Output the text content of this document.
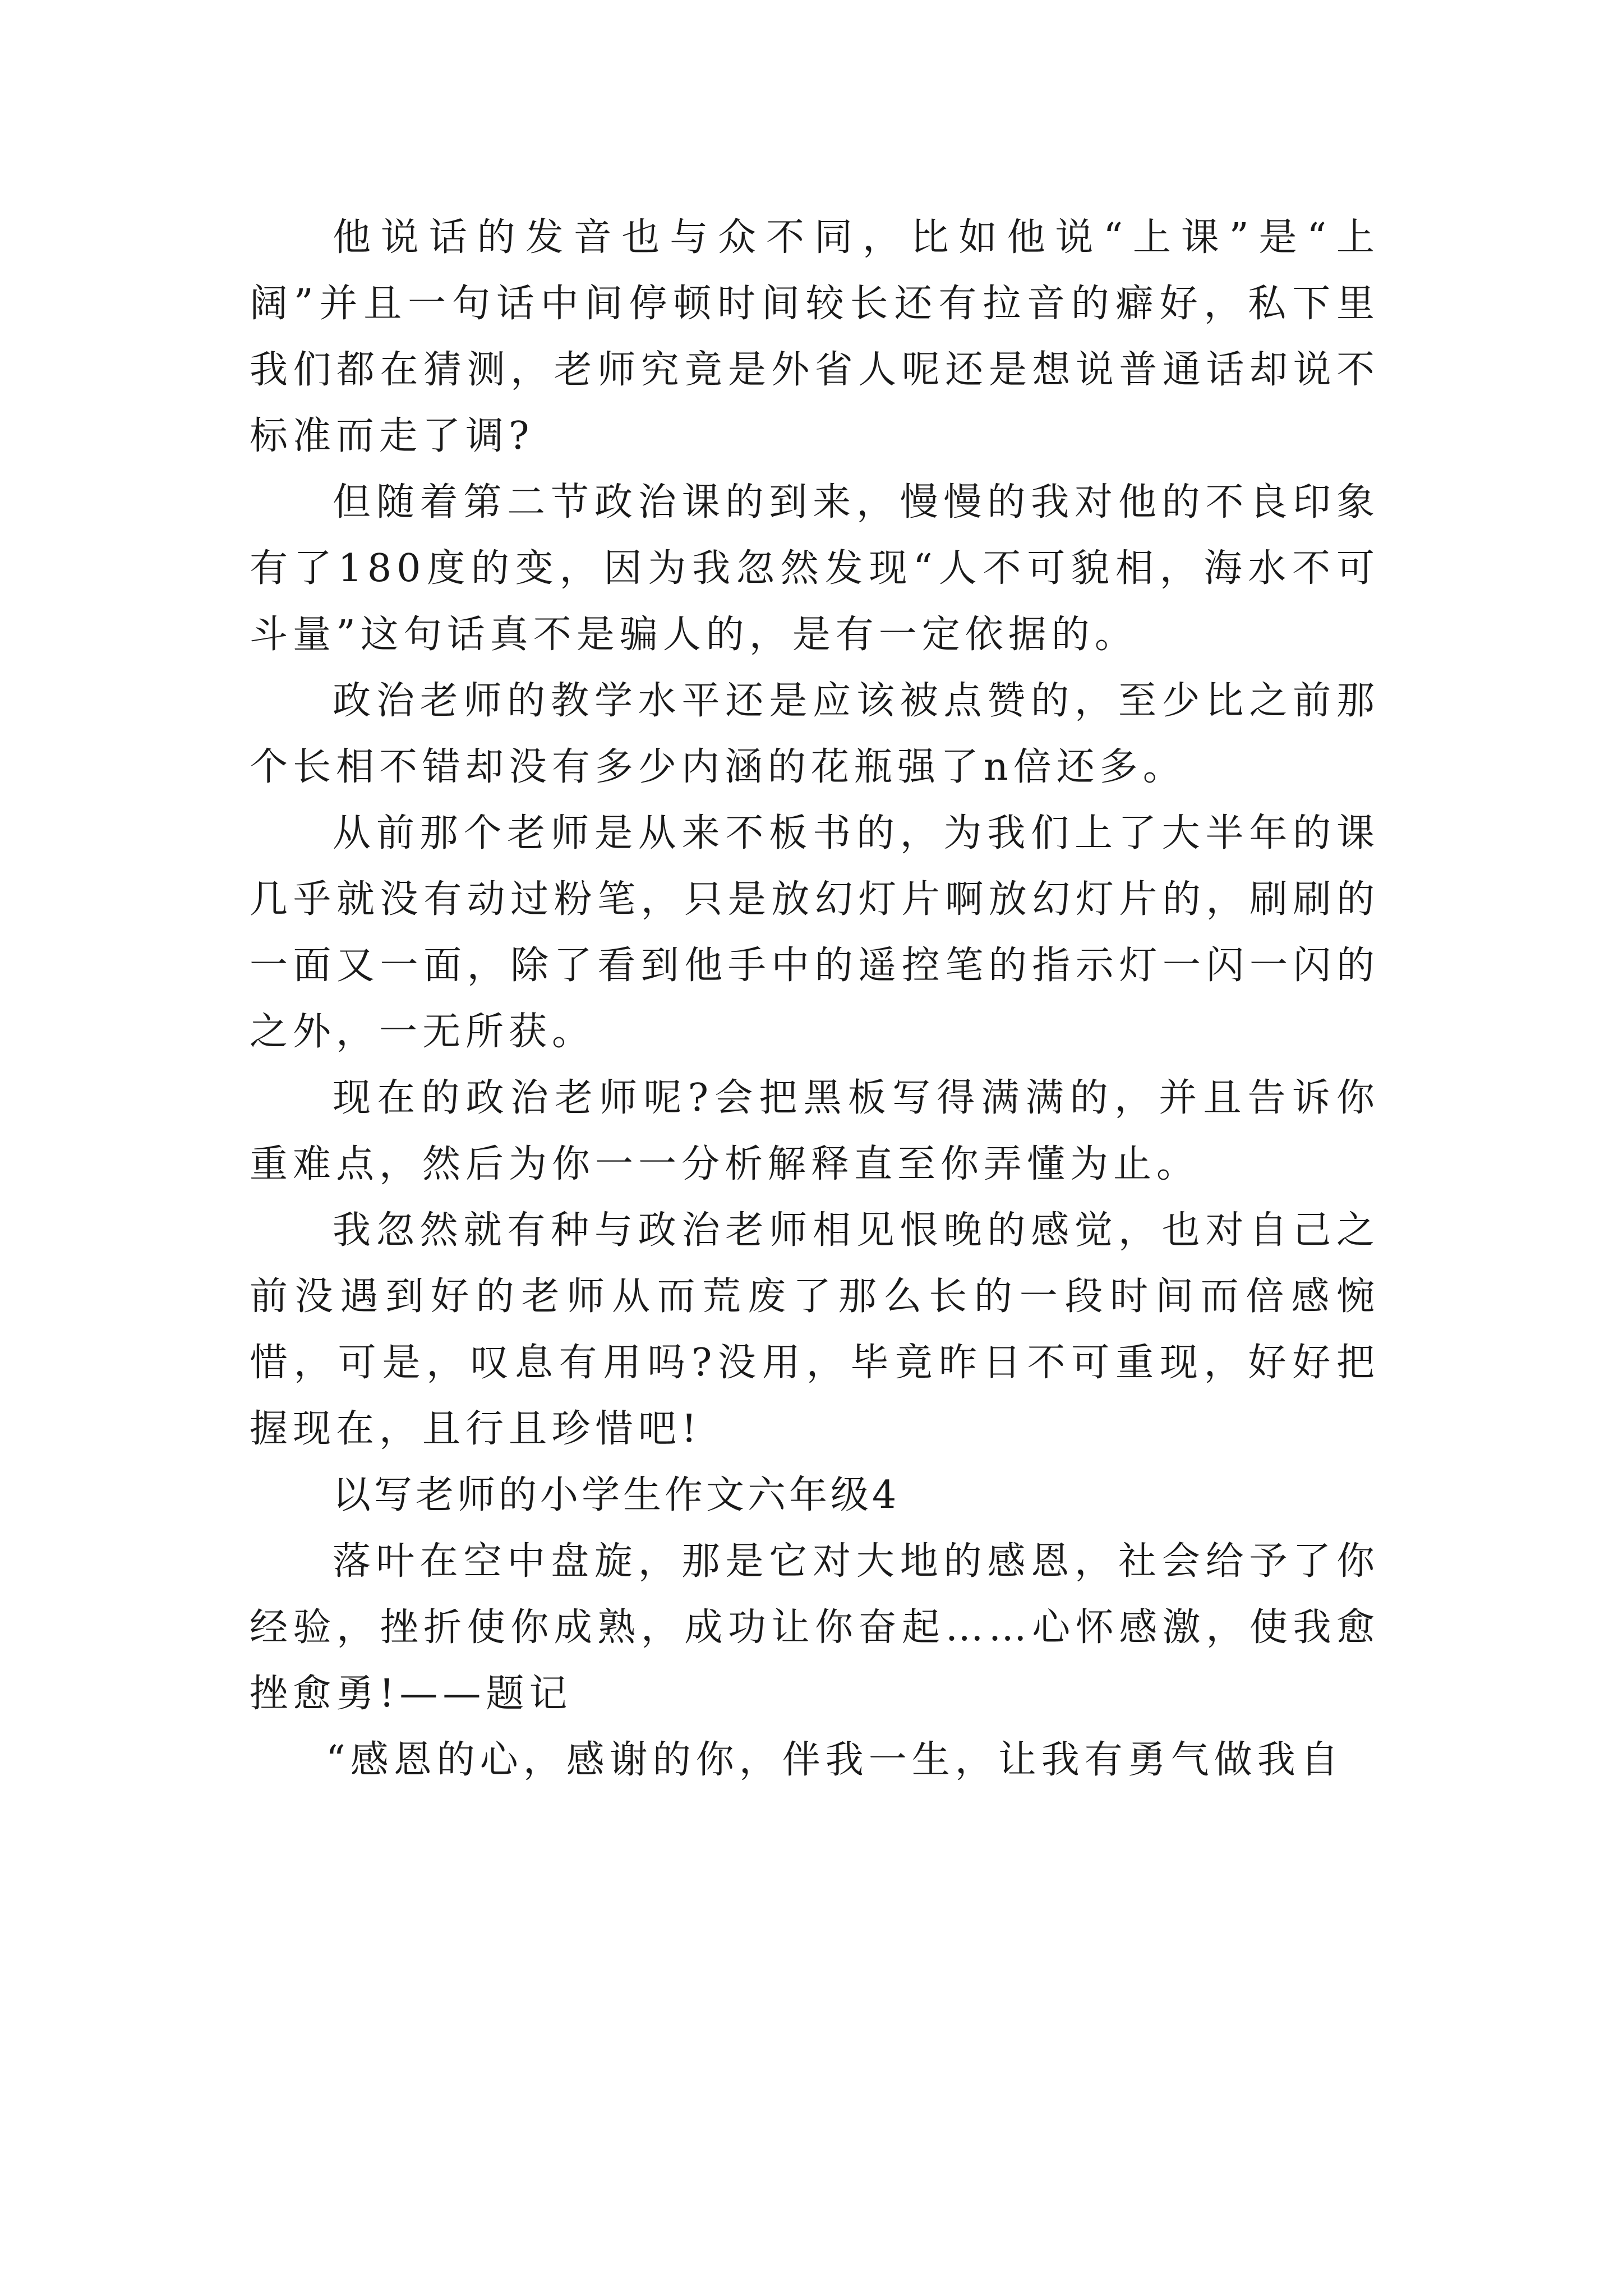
他说话的发音也与众不同，比如他说“上课”是“上阔”并且一句话中间停顿时间较长还有拉音的癖好，私下里我们都在猜测，老师究竟是外省人呢还是想说普通话却说不标准而走了调?

但随着第二节政治课的到来，慢慢的我对他的不良印象有了180度的变，因为我忽然发现“人不可貌相，海水不可斗量”这句话真不是骗人的，是有一定依据的。

政治老师的教学水平还是应该被点赞的，至少比之前那个长相不错却没有多少内涵的花瓶强了n倍还多。

从前那个老师是从来不板书的，为我们上了大半年的课几乎就没有动过粉笔，只是放幻灯片啊放幻灯片的，刷刷的一面又一面，除了看到他手中的遥控笔的指示灯一闪一闪的之外，一无所获。

现在的政治老师呢?会把黑板写得满满的，并且告诉你重难点，然后为你一一分析解释直至你弄懂为止。

我忽然就有种与政治老师相见恨晚的感觉，也对自己之前没遇到好的老师从而荒废了那么长的一段时间而倍感惋惜，可是，叹息有用吗?没用，毕竟昨日不可重现，好好把握现在，且行且珍惜吧!

以写老师的小学生作文六年级4

落叶在空中盘旋，那是它对大地的感恩，社会给予了你经验，挫折使你成熟，成功让你奋起……心怀感激，使我愈挫愈勇!——题记

“感恩的心，感谢的你，伴我一生，让我有勇气做我自
